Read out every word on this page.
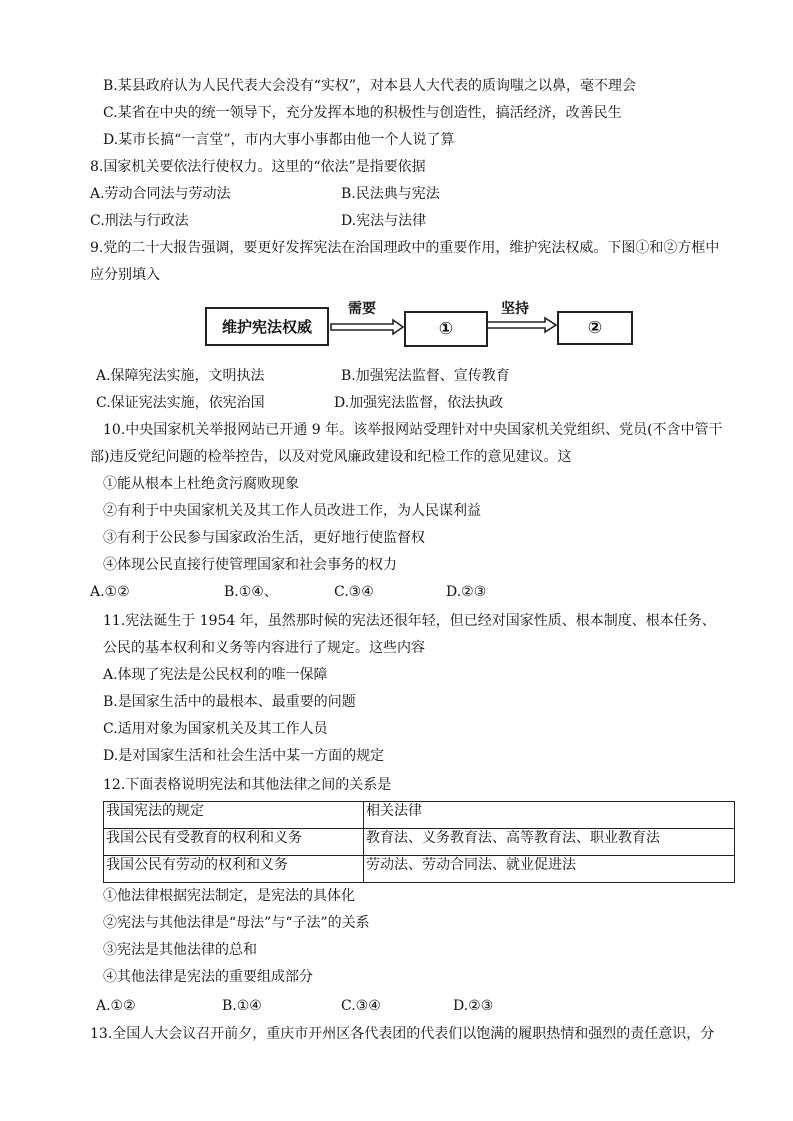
B.某县政府认为人民代表大会没有“实权”，对本县人大代表的质询嗤之以鼻，毫不理会
C.某省在中央的统一领导下，充分发挥本地的积极性与创造性，搞活经济，改善民生
D.某市长搞“一言堂”，市内大事小事都由他一个人说了算
8.国家机关要依法行使权力。这里的“依法”是指要依据
A.劳动合同法与劳动法	B.民法典与宪法
C.刑法与行政法	D.宪法与法律
9.党的二十大报告强调，要更好发挥宪法在治国理政中的重要作用，维护宪法权威。下图①和②方框中
应分别填入
维护宪法权威
需要
①
坚持
②
A.保障宪法实施，文明执法	B.加强宪法监督、宣传教育
C.保证宪法实施，依宪治国	D.加强宪法监督，依法执政
10.中央国家机关举报网站已开通 9 年。该举报网站受理针对中央国家机关党组织、党员(不含中管干
部)违反党纪问题的检举控告，以及对党风廉政建设和纪检工作的意见建议。这
①能从根本上杜绝贪污腐败现象
②有利于中央国家机关及其工作人员改进工作，为人民谋利益
③有利于公民参与国家政治生活，更好地行使监督权
④体现公民直接行使管理国家和社会事务的权力
A.①②	B.①④、	C.③④	D.②③
11.宪法诞生于 1954 年，虽然那时候的宪法还很年轻，但已经对国家性质、根本制度、根本任务、
公民的基本权利和义务等内容进行了规定。这些内容
A.体现了宪法是公民权利的唯一保障
B.是国家生活中的最根本、最重要的问题
C.适用对象为国家机关及其工作人员
D.是对国家生活和社会生活中某一方面的规定
12.下面表格说明宪法和其他法律之间的关系是
我国宪法的规定	相关法律
我国公民有受教育的权利和义务	教育法、义务教育法、高等教育法、职业教育法
我国公民有劳动的权利和义务	劳动法、劳动合同法、就业促进法
①他法律根据宪法制定，是宪法的具体化
②宪法与其他法律是“母法”与“子法”的关系
③宪法是其他法律的总和
④其他法律是宪法的重要组成部分
A.①②	B.①④	C.③④	D.②③
13.全国人大会议召开前夕，重庆市开州区各代表团的代表们以饱满的履职热情和强烈的责任意识，分
